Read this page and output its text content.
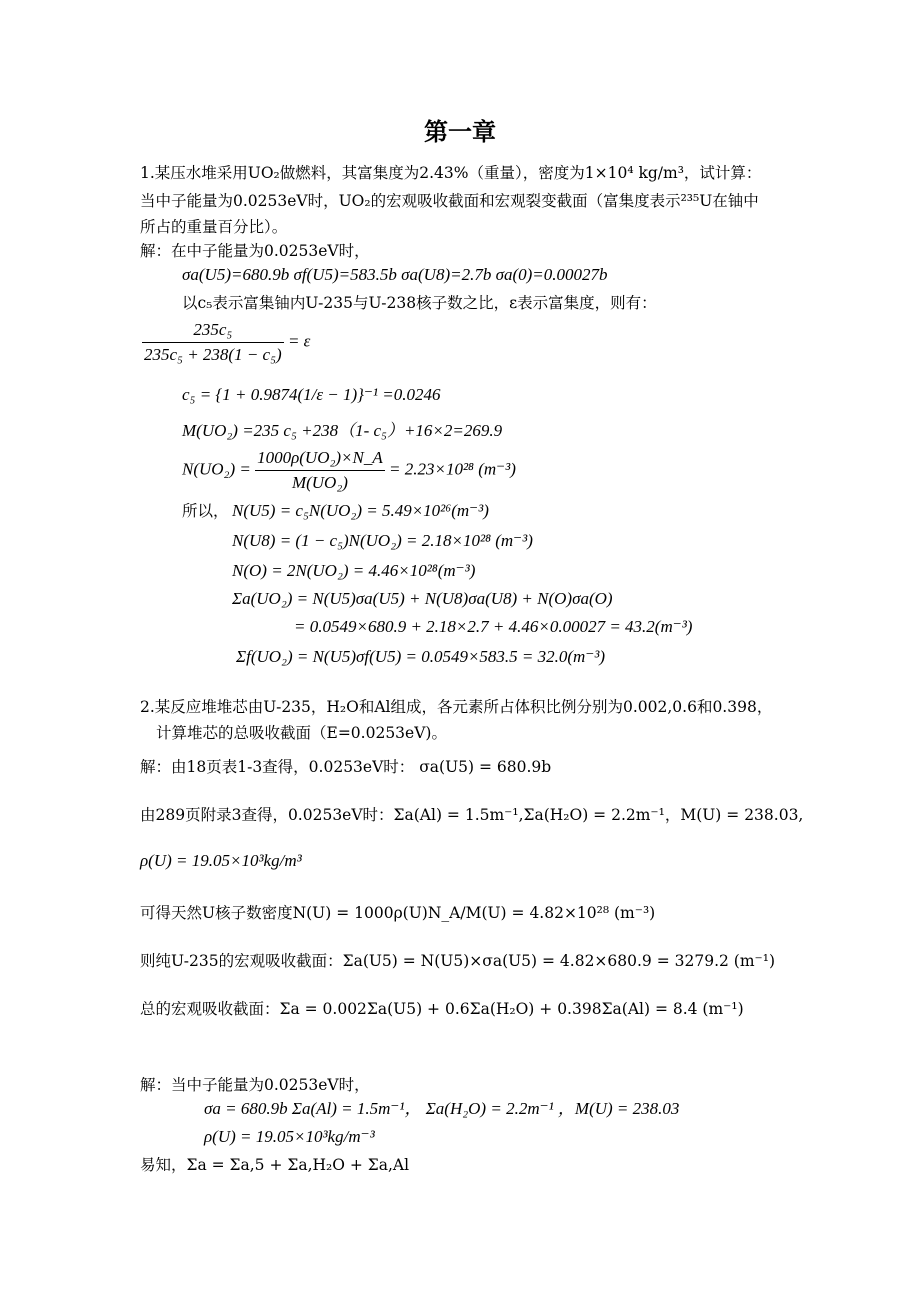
第一章
1.某压水堆采用UO₂做燃料，其富集度为2.43%（重量），密度为1×10⁴ kg/m³，试计算：
当中子能量为0.0253eV时，UO₂的宏观吸收截面和宏观裂变截面（富集度表示²³⁵U在铀中
所占的重量百分比）。
解：在中子能量为0.0253eV时，
σa(U5)=680.9b σf(U5)=583.5b σa(U8)=2.7b σa(0)=0.00027b
以c₅表示富集铀内U-235与U-238核子数之比，ε表示富集度，则有：
$\frac{\text{235c₅}}{\text{235c₅ + 238(1 − c₅)}} = \varepsilon$
c₅ = {1 + 0.9874(1/ε − 1)}⁻¹ =0.0246
M(UO₂) =235 c₅ +238（1- c₅）+16×2=269.9
$N(UO_2) = \frac{\text{1000ρ(UO₂)×N\_A}}{\text{M(UO₂)}} = 2.23\times 10^{28}$ (m⁻³)
所以， N(U5) = c₅N(UO₂) = 5.49×10²⁶(m⁻³)
N(U8) = (1 − c₅)N(UO₂) = 2.18×10²⁸ (m⁻³)
N(O) = 2N(UO₂) = 4.46×10²⁸(m⁻³)
Σa(UO₂) = N(U5)σa(U5) + N(U8)σa(U8) + N(O)σa(O)
= 0.0549×680.9 + 2.18×2.7 + 4.46×0.00027 = 43.2(m⁻³)
Σf(UO₂) = N(U5)σf(U5) = 0.0549×583.5 = 32.0(m⁻³)
2.某反应堆堆芯由U-235，H₂O和Al组成，各元素所占体积比例分别为0.002,0.6和0.398，
计算堆芯的总吸收截面（E=0.0253eV)。
解：由18页表1-3查得，0.0253eV时： σa(U5) = 680.9b
由289页附录3查得，0.0253eV时：Σa(Al) = 1.5m⁻¹,Σa(H₂O) = 2.2m⁻¹，M(U) = 238.03,
ρ(U) = 19.05×10³kg/m³
可得天然U核子数密度N(U) = 1000ρ(U)N_A/M(U) = 4.82×10²⁸ (m⁻³)
则纯U-235的宏观吸收截面：Σa(U5) = N(U5)×σa(U5) = 4.82×680.9 = 3279.2 (m⁻¹)
总的宏观吸收截面：Σa = 0.002Σa(U5) + 0.6Σa(H₂O) + 0.398Σa(Al) = 8.4 (m⁻¹)
解：当中子能量为0.0253eV时，
σa = 680.9b Σa(Al) = 1.5m⁻¹， Σa(H₂O) = 2.2m⁻¹ ，M(U) = 238.03
ρ(U) = 19.05×10³kg/m⁻³
易知，Σa = Σa,5 + Σa,H₂O + Σa,Al
